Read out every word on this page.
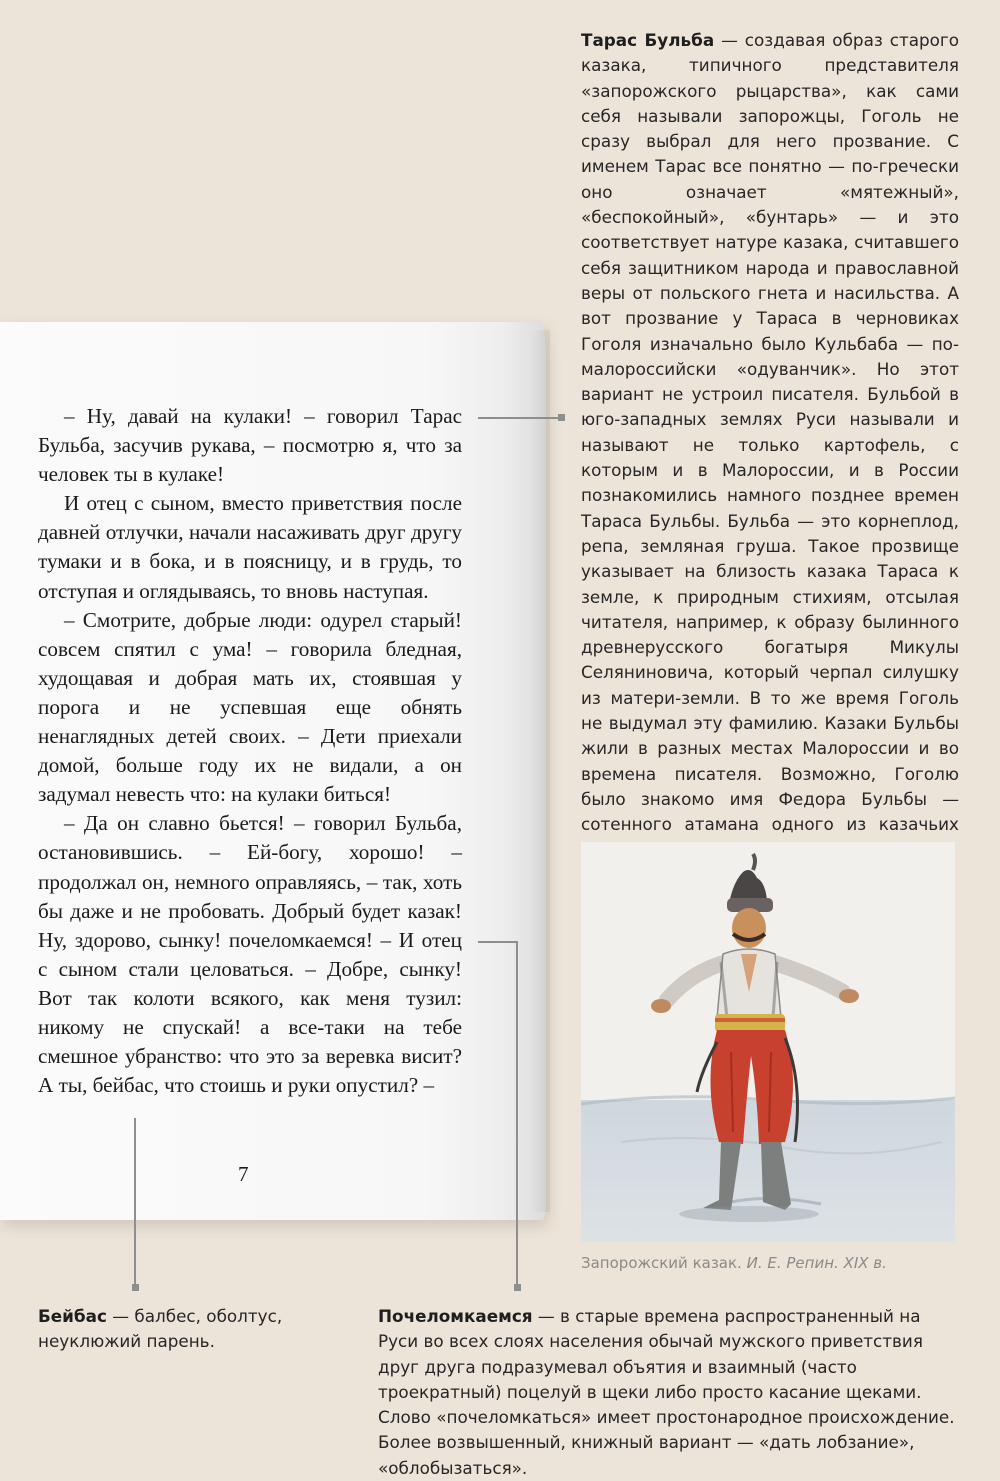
– Ну, давай на кулаки! – говорил Тарас Бульба, засучив рукава, – посмотрю я, что за человек ты в кулаке!

И отец с сыном, вместо приветствия после давней отлучки, начали насаживать друг другу тумаки и в бока, и в поясницу, и в грудь, то отступая и оглядываясь, то вновь наступая.

– Смотрите, добрые люди: одурел старый! совсем спятил с ума! – говорила бледная, худощавая и добрая мать их, стоявшая у порога и не успевшая еще обнять ненаглядных детей своих. – Дети приехали домой, больше году их не видали, а он задумал невесть что: на кулаки биться!

– Да он славно бьется! – говорил Бульба, остановившись. – Ей-богу, хорошо! – продолжал он, немного оправляясь, – так, хоть бы даже и не пробовать. Добрый будет казак! Ну, здорово, сынку! почеломкаемся! – И отец с сыном стали целоваться. – Добре, сынку! Вот так колоти всякого, как меня тузил: никому не спускай! а все-таки на тебе смешное убранство: что это за веревка висит? А ты, бейбас, что стоишь и руки опустил? –

7
Тарас Бульба — создавая образ старого казака, типичного представителя «запорожского рыцарства», как сами себя называли запорожцы, Гоголь не сразу выбрал для него прозвание. С именем Тарас все понятно — по-гречески оно означает «мятежный», «беспокойный», «бунтарь» — и это соответствует натуре казака, считавшего себя защитником народа и православной веры от польского гнета и насильства. А вот прозвание у Тараса в черновиках Гоголя изначально было Кульбаба — по-малороссийски «одуванчик». Но этот вариант не устроил писателя. Бульбой в юго-западных землях Руси называли и называют не только картофель, с которым и в Малороссии, и в России познакомились намного позднее времен Тараса Бульбы. Бульба — это корнеплод, репа, земляная груша. Такое прозвище указывает на близость казака Тараса к земле, к природным стихиям, отсылая читателя, например, к образу былинного древнерусского богатыря Микулы Селяниновича, который черпал силушку из матери-земли. В то же время Гоголь не выдумал эту фамилию. Казаки Бульбы жили в разных местах Малороссии и во времена писателя. Возможно, Гоголю было знакомо имя Федора Бульбы — сотенного атамана одного из казачьих
Бейбас — балбес, оболтус, неуклюжий парень.
Почеломкаемся — в старые времена распространенный на Руси во всех слоях населения обычай мужского приветствия друг друга подразумевал объятия и взаимный (часто троекратный) поцелуй в щеки либо просто касание щеками. Слово «почеломкаться» имеет простонародное происхождение. Более возвышенный, книжный вариант — «дать лобзание», «облобызаться».
Запорожский казак. И. Е. Репин. XIX в.
